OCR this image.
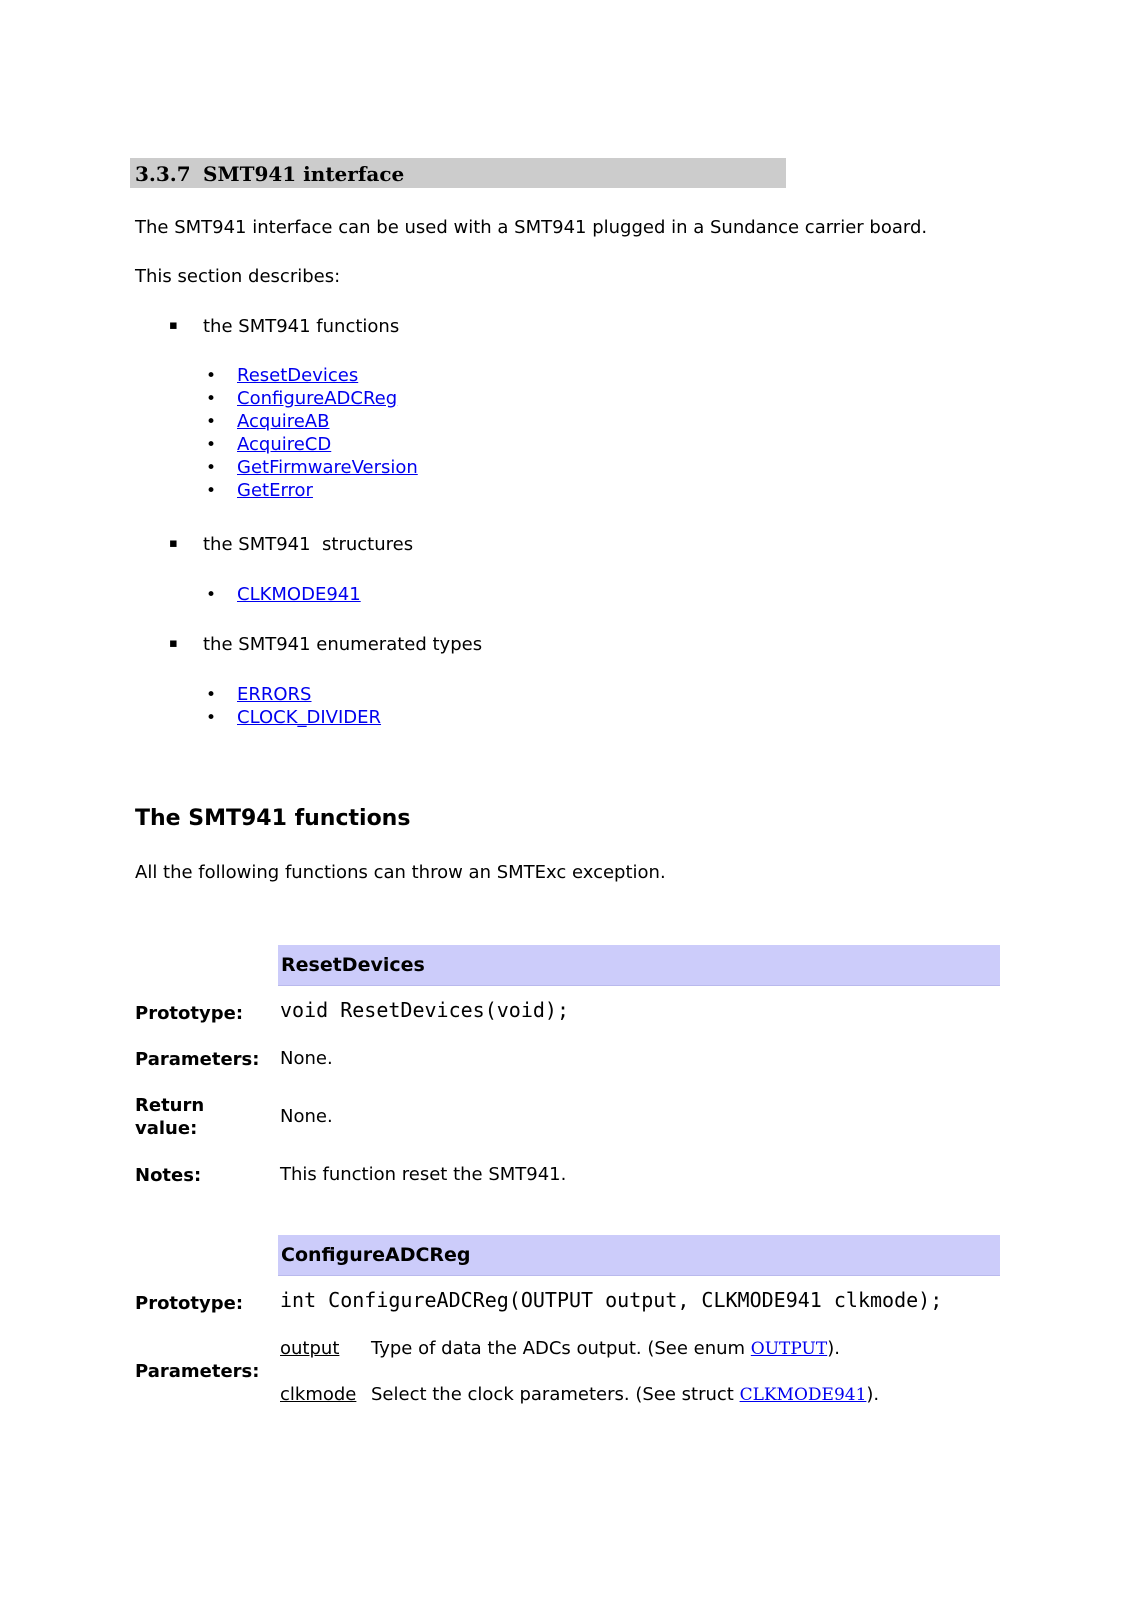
3.3.7 SMT941 interface
The SMT941 interface can be used with a SMT941 plugged in a Sundance carrier board.
This section describes:
▪ the SMT941 functions
• ResetDevices
• ConfigureADCReg
• AcquireAB
• AcquireCD
• GetFirmwareVersion
• GetError
▪ the SMT941  structures
• CLKMODE941
▪ the SMT941 enumerated types
• ERRORS
• CLOCK_DIVIDER
The SMT941 functions
All the following functions can throw an SMTExc exception.
ResetDevices
Prototype: void ResetDevices(void);
Parameters: None.
Return
value:
None.
Notes:	This function reset the SMT941.
ConfigureADCReg
Prototype: int ConfigureADCReg(OUTPUT output, CLKMODE941 clkmode);
Parameters:
output Type of data the ADCs output. (See enum OUTPUT).
clkmode Select the clock parameters. (See struct CLKMODE941).
